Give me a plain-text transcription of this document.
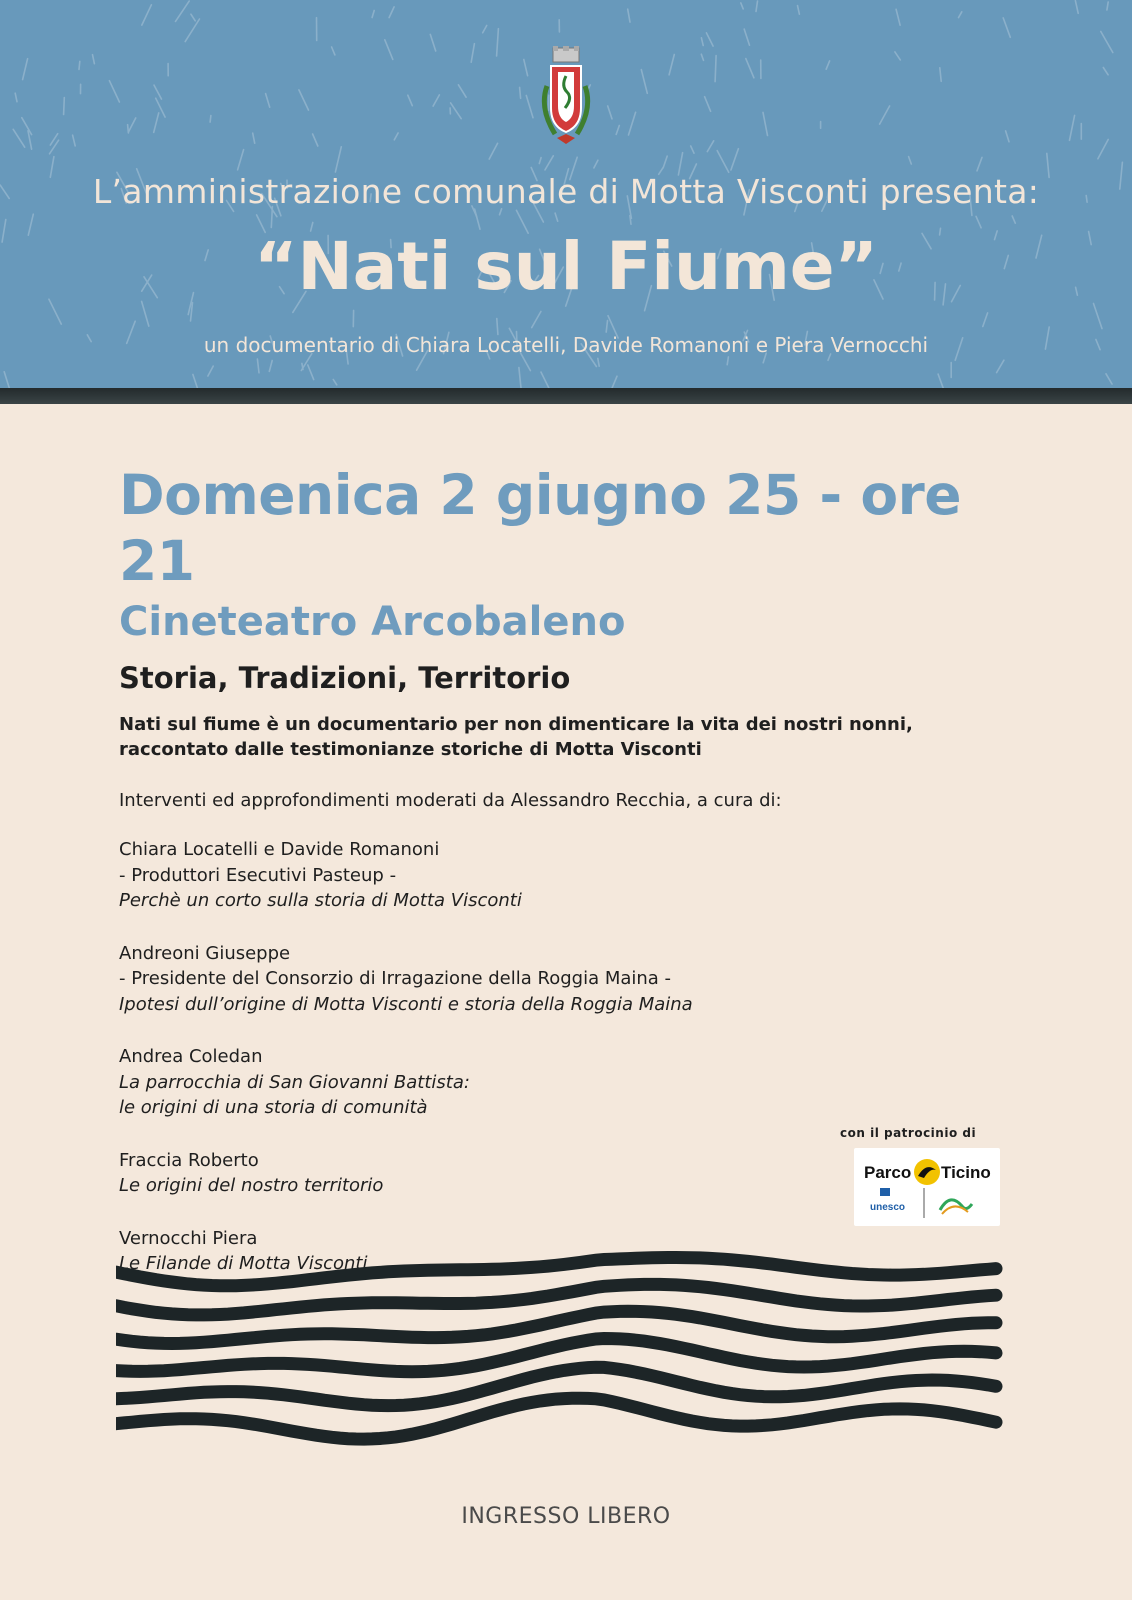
L’amministrazione comunale di Motta Visconti presenta:
“Nati sul Fiume”

un documentario di Chiara Locatelli, Davide Romanoni e Piera Vernocchi

Domenica 2 giugno 25 - ore 21
Cineteatro Arcobaleno
Storia, Tradizioni, Territorio

Nati sul fiume è un documentario per non dimenticare la vita dei nostri nonni,
raccontato dalle testimonianze storiche di Motta Visconti

Interventi ed approfondimenti moderati da Alessandro Recchia, a cura di:

Chiara Locatelli e Davide Romanoni
- Produttori Esecutivi Pasteup -
Perchè un corto sulla storia di Motta Visconti
Andreoni Giuseppe
- Presidente del Consorzio di Irragazione della Roggia Maina -
Ipotesi dull’origine di Motta Visconti e storia della Roggia Maina
Andrea Coledan
La parrocchia di San Giovanni Battista:
le origini di una storia di comunità
Fraccia Roberto
Le origini del nostro territorio
Vernocchi Piera
Le Filande di Motta Visconti
con il patrocinio di
Parco Ticino
unesco

INGRESSO LIBERO
